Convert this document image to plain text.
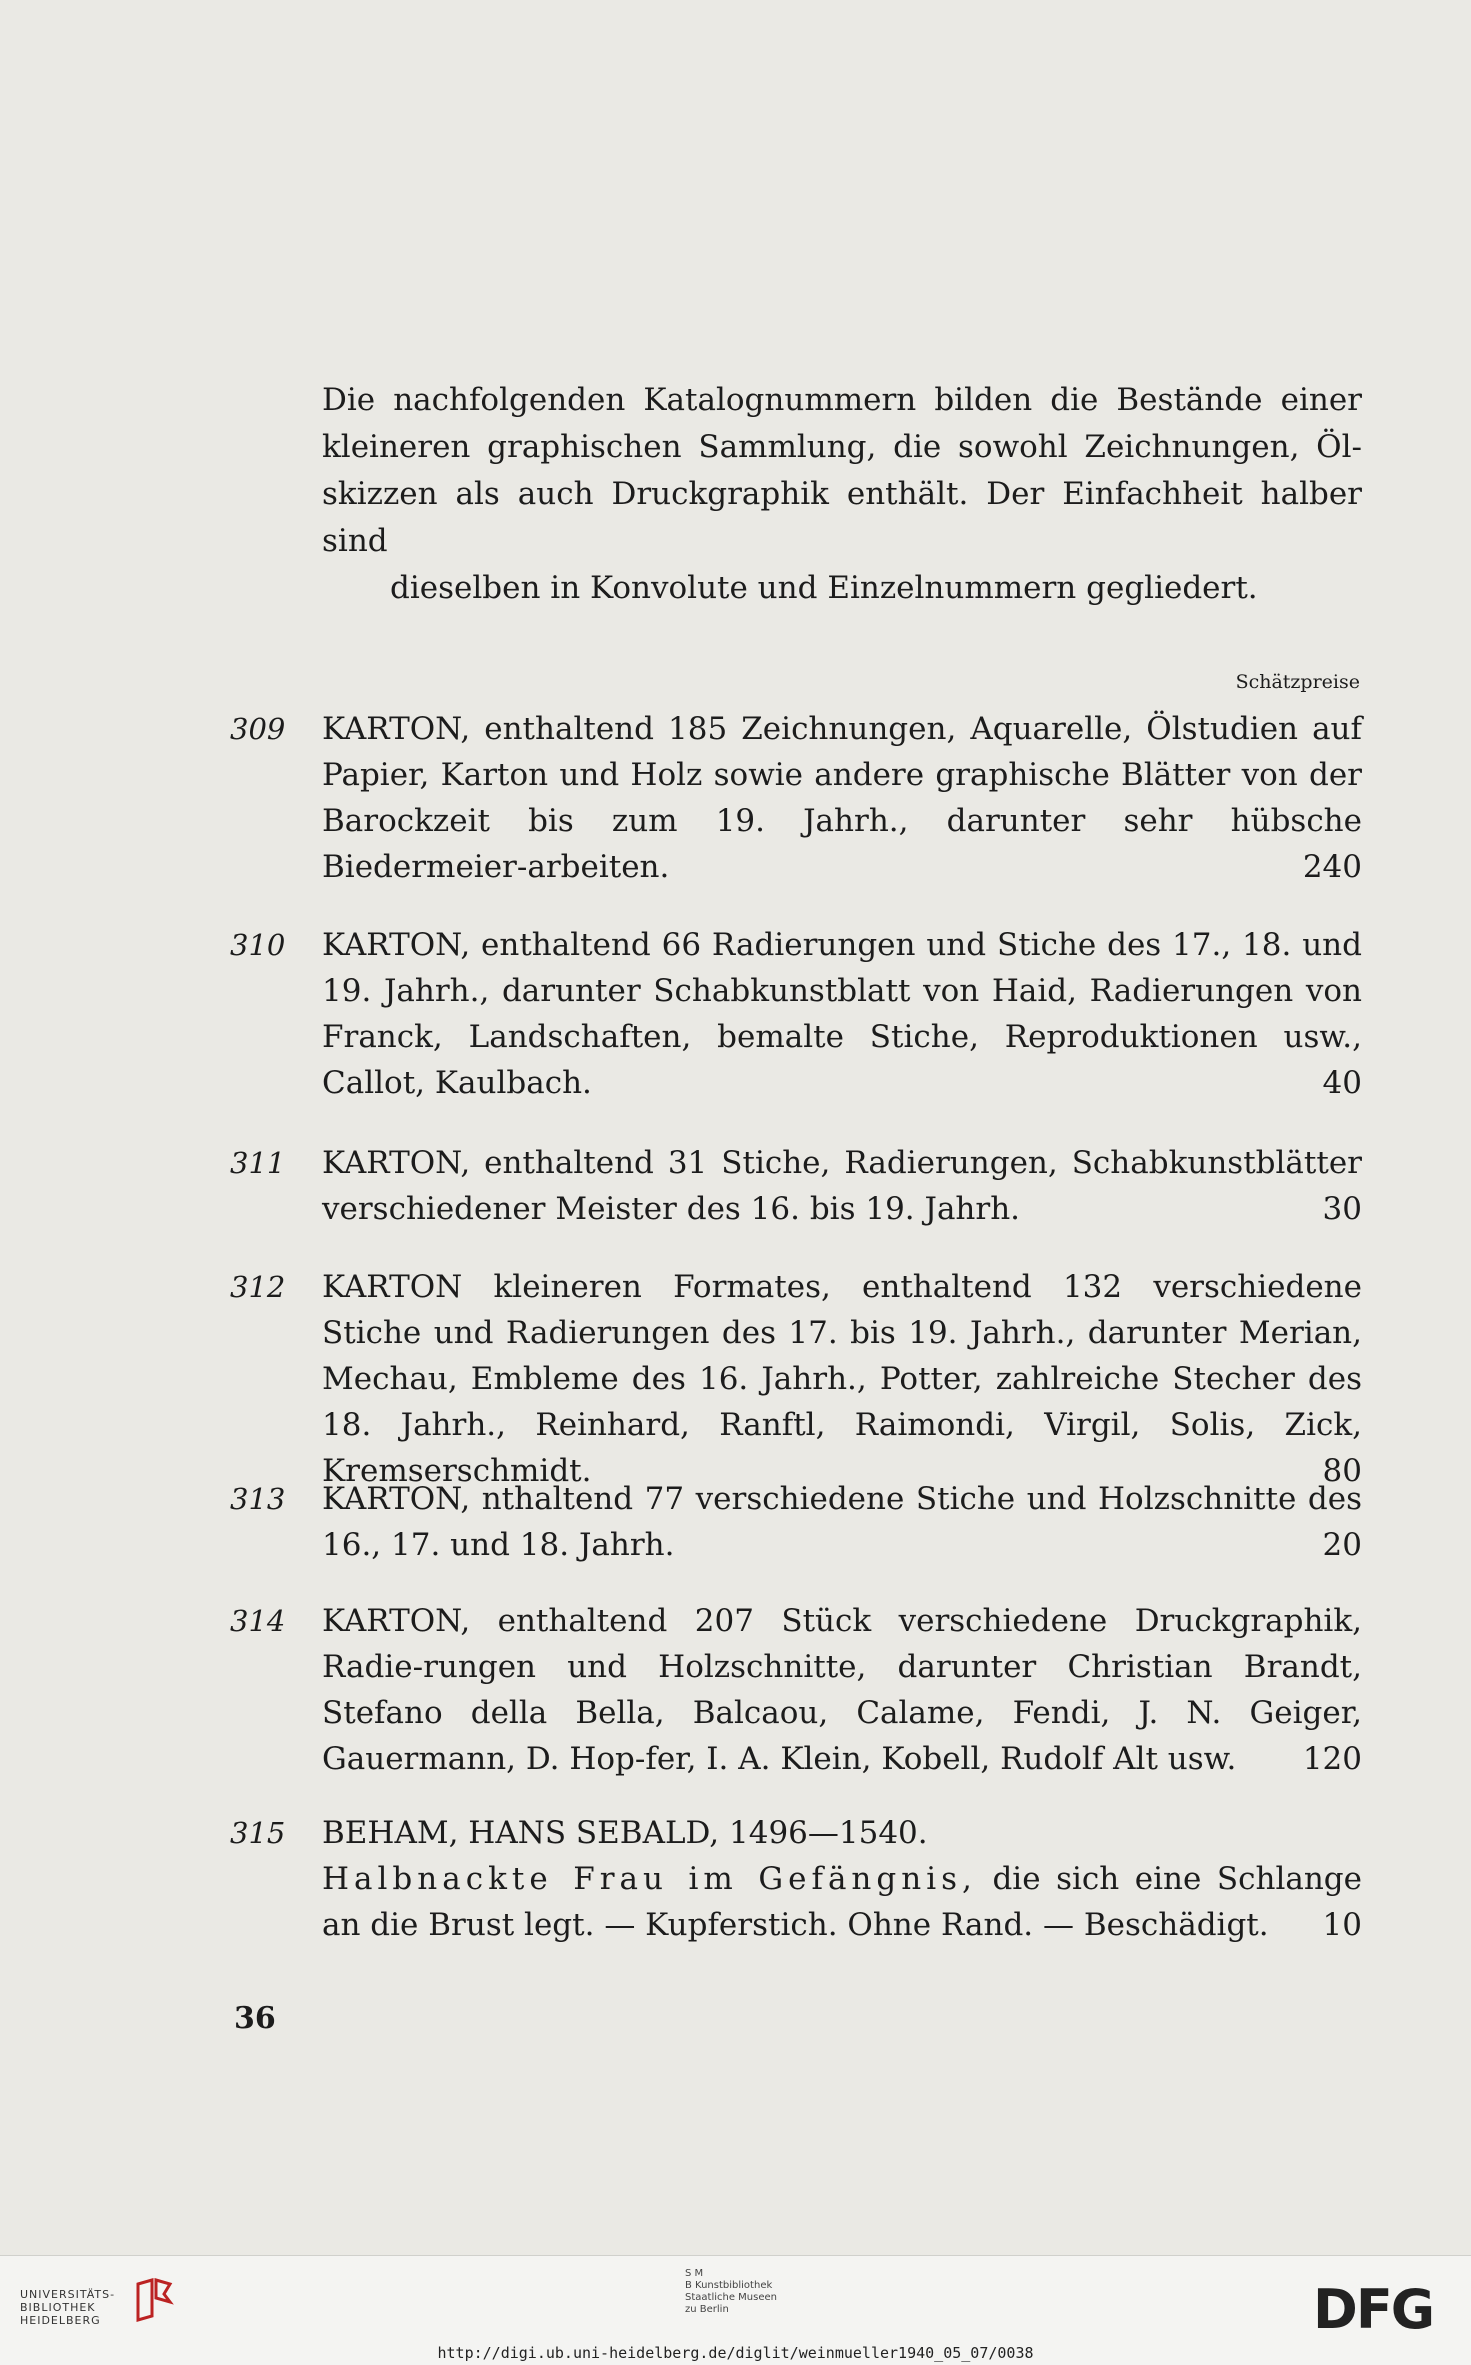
Die nachfolgenden Katalognummern bilden die Bestände einer kleineren graphischen Sammlung, die sowohl Zeichnungen, Öl-skizzen als auch Druckgraphik enthält. Der Einfachheit halber sind
dieselben in Konvolute und Einzelnummern gegliedert.
Schätzpreise
309	KARTON, enthaltend 185 Zeichnungen, Aquarelle, Ölstudien auf Papier, Karton und Holz sowie andere graphische Blätter von der Barockzeit bis zum 19. Jahrh., darunter sehr hübsche Biedermeier-arbeiten.	240
310	KARTON, enthaltend 66 Radierungen und Stiche des 17., 18. und 19. Jahrh., darunter Schabkunstblatt von Haid, Radierungen von Franck, Landschaften, bemalte Stiche, Reproduktionen usw., Callot, Kaulbach.	40
311	KARTON, enthaltend 31 Stiche, Radierungen, Schabkunstblätter verschiedener Meister des 16. bis 19. Jahrh.	30
312	KARTON kleineren Formates, enthaltend 132 verschiedene Stiche und Radierungen des 17. bis 19. Jahrh., darunter Merian, Mechau, Embleme des 16. Jahrh., Potter, zahlreiche Stecher des 18. Jahrh., Reinhard, Ranftl, Raimondi, Virgil, Solis, Zick, Kremserschmidt.	80
313	KARTON, nthaltend 77 verschiedene Stiche und Holzschnitte des 16., 17. und 18. Jahrh.	20
314	KARTON, enthaltend 207 Stück verschiedene Druckgraphik, Radie-rungen und Holzschnitte, darunter Christian Brandt, Stefano della Bella, Balcaou, Calame, Fendi, J. N. Geiger, Gauermann, D. Hop-fer, I. A. Klein, Kobell, Rudolf Alt usw. 120
315	BEHAM, HANS SEBALD, 1496—1540.
Halbnackte Frau im Gefängnis, die sich eine Schlange an die Brust legt. — Kupferstich. Ohne Rand. — Beschädigt. 10
36
UNIVERSITÄTS-
BIBLIOTHEK
HEIDELBERG
S M
B Kunstbibliothek
Staatliche Museen
zu Berlin	DFG
http://digi.ub.uni-heidelberg.de/diglit/weinmueller1940_05_07/0038
